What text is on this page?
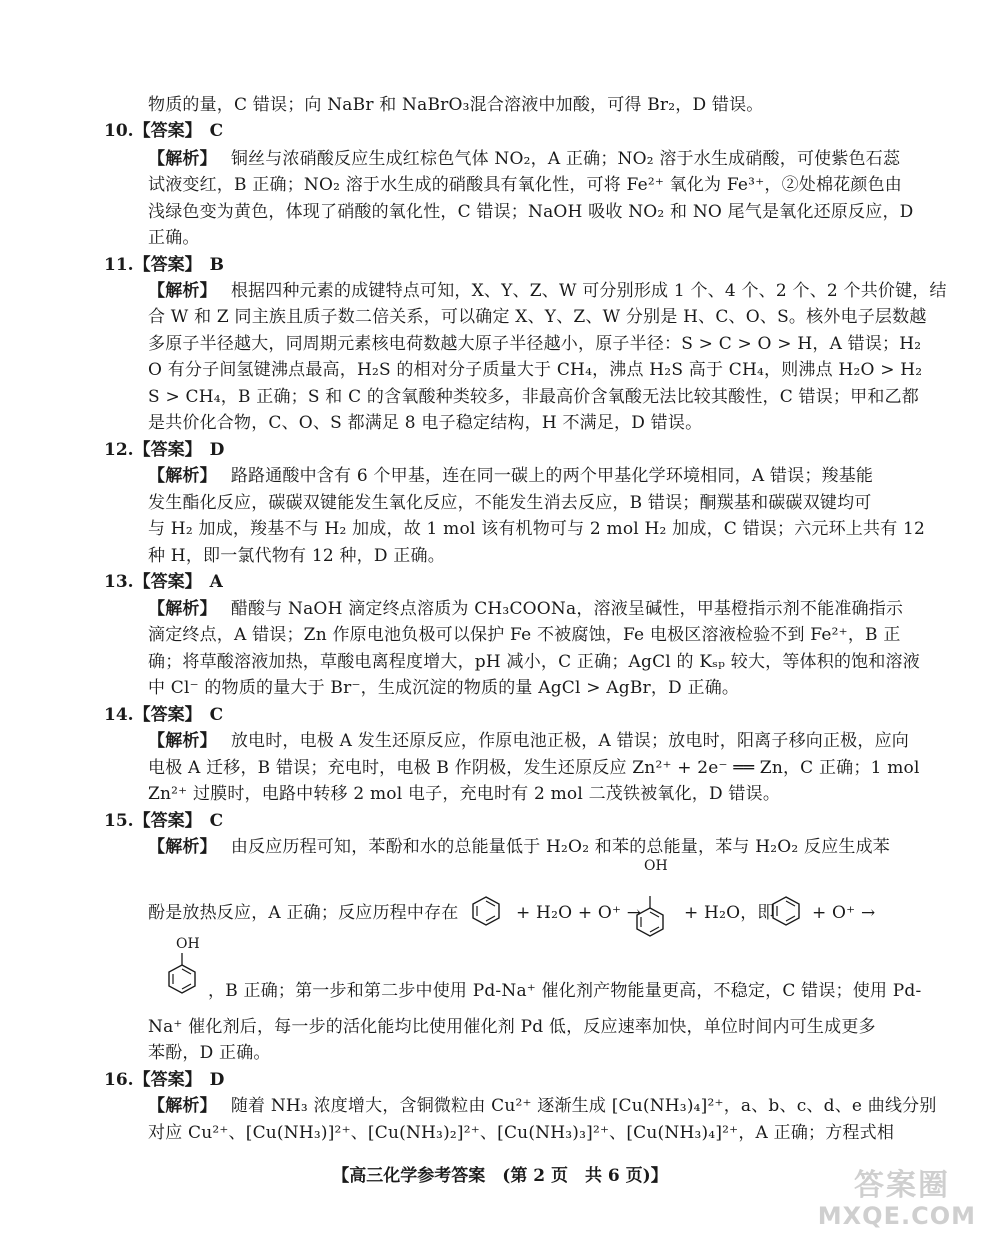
物质的量，C 错误；向 NaBr 和 NaBrO₃混合溶液中加酸，可得 Br₂，D 错误。
10.【答案】 C
【解析】 铜丝与浓硝酸反应生成红棕色气体 NO₂，A 正确；NO₂ 溶于水生成硝酸，可使紫色石蕊
试液变红，B 正确；NO₂ 溶于水生成的硝酸具有氧化性，可将 Fe²⁺ 氧化为 Fe³⁺，②处棉花颜色由
浅绿色变为黄色，体现了硝酸的氧化性，C 错误；NaOH 吸收 NO₂ 和 NO 尾气是氧化还原反应，D
正确。
11.【答案】 B
【解析】 根据四种元素的成键特点可知，X、Y、Z、W 可分别形成 1 个、4 个、2 个、2 个共价键，结
合 W 和 Z 同主族且质子数二倍关系，可以确定 X、Y、Z、W 分别是 H、C、O、S。核外电子层数越
多原子半径越大，同周期元素核电荷数越大原子半径越小，原子半径：S > C > O > H，A 错误；H₂
O 有分子间氢键沸点最高，H₂S 的相对分子质量大于 CH₄，沸点 H₂S 高于 CH₄，则沸点 H₂O > H₂
S > CH₄，B 正确；S 和 C 的含氧酸种类较多，非最高价含氧酸无法比较其酸性，C 错误；甲和乙都
是共价化合物，C、O、S 都满足 8 电子稳定结构，H 不满足，D 错误。
12.【答案】 D
【解析】 路路通酸中含有 6 个甲基，连在同一碳上的两个甲基化学环境相同，A 错误；羧基能
发生酯化反应，碳碳双键能发生氧化反应，不能发生消去反应，B 错误；酮羰基和碳碳双键均可
与 H₂ 加成，羧基不与 H₂ 加成，故 1 mol 该有机物可与 2 mol H₂ 加成，C 错误；六元环上共有 12
种 H，即一氯代物有 12 种，D 正确。
13.【答案】 A
【解析】 醋酸与 NaOH 滴定终点溶质为 CH₃COONa，溶液呈碱性，甲基橙指示剂不能准确指示
滴定终点，A 错误；Zn 作原电池负极可以保护 Fe 不被腐蚀，Fe 电极区溶液检验不到 Fe²⁺，B 正
确；将草酸溶液加热，草酸电离程度增大，pH 减小，C 正确；AgCl 的 Kₛₚ 较大，等体积的饱和溶液
中 Cl⁻ 的物质的量大于 Br⁻，生成沉淀的物质的量 AgCl > AgBr，D 正确。
14.【答案】 C
【解析】 放电时，电极 A 发生还原反应，作原电池正极，A 错误；放电时，阳离子移向正极，应向
电极 A 迁移，B 错误；充电时，电极 B 作阴极，发生还原反应 Zn²⁺ + 2e⁻ ══ Zn，C 正确；1 mol
Zn²⁺ 过膜时，电路中转移 2 mol 电子，充电时有 2 mol 二茂铁被氧化，D 错误。
15.【答案】 C
【解析】 由反应历程可知，苯酚和水的总能量低于 H₂O₂ 和苯的总能量，苯与 H₂O₂ 反应生成苯
OH
酚是放热反应，A 正确；反应历程中存在	+ H₂O + O⁺ →	+ H₂O，即 + O⁺ →
OH
，B 正确；第一步和第二步中使用 Pd-Na⁺ 催化剂产物能量更高，不稳定，C 错误；使用 Pd-
Na⁺ 催化剂后，每一步的活化能均比使用催化剂 Pd 低，反应速率加快，单位时间内可生成更多
苯酚，D 正确。
16.【答案】 D
【解析】 随着 NH₃ 浓度增大，含铜微粒由 Cu²⁺ 逐渐生成 [Cu(NH₃)₄]²⁺，a、b、c、d、e 曲线分别
对应 Cu²⁺、[Cu(NH₃)]²⁺、[Cu(NH₃)₂]²⁺、[Cu(NH₃)₃]²⁺、[Cu(NH₃)₄]²⁺，A 正确；方程式相
【高三化学参考答案　(第 2 页　共 6 页)】	答案圈
MXQE.COM
